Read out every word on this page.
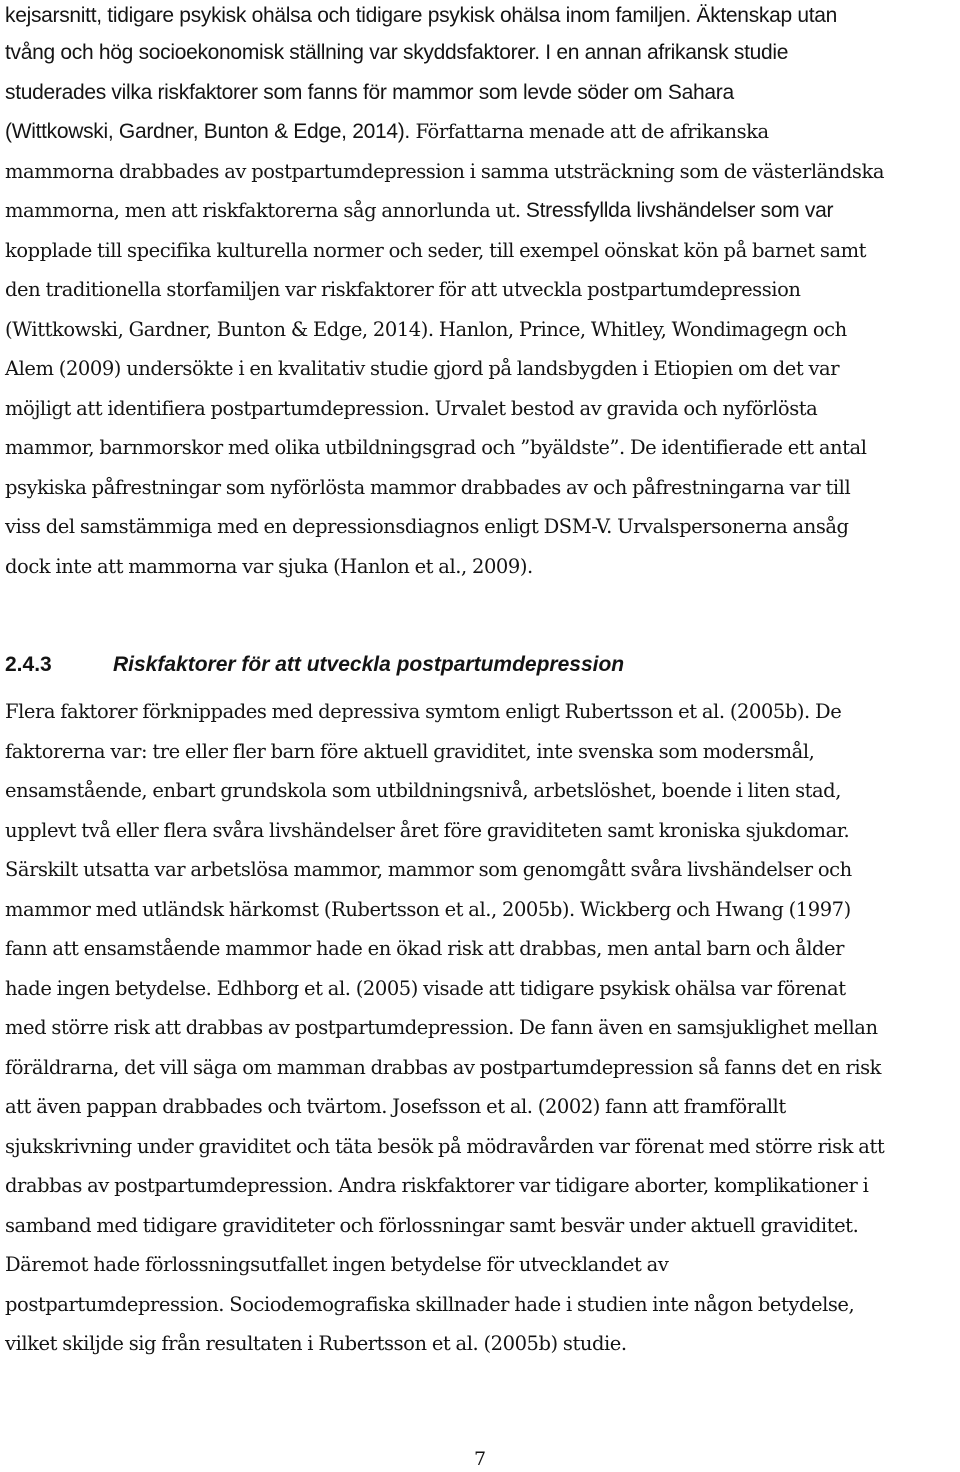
kejsarsnitt, tidigare psykisk ohälsa och tidigare psykisk ohälsa inom familjen. Äktenskap utan
tvång och hög socioekonomisk ställning var skyddsfaktorer. I en annan afrikansk studie
studerades vilka riskfaktorer som fanns för mammor som levde söder om Sahara
(Wittkowski, Gardner, Bunton & Edge, 2014). Författarna menade att de afrikanska
mammorna drabbades av postpartumdepression i samma utsträckning som de västerländska
mammorna, men att riskfaktorerna såg annorlunda ut. Stressfyllda livshändelser som var
kopplade till specifika kulturella normer och seder, till exempel oönskat kön på barnet samt
den traditionella storfamiljen var riskfaktorer för att utveckla postpartumdepression
(Wittkowski, Gardner, Bunton & Edge, 2014). Hanlon, Prince, Whitley, Wondimagegn och
Alem (2009) undersökte i en kvalitativ studie gjord på landsbygden i Etiopien om det var
möjligt att identifiera postpartumdepression. Urvalet bestod av gravida och nyförlösta
mammor, barnmorskor med olika utbildningsgrad och ”byäldste”. De identifierade ett antal
psykiska påfrestningar som nyförlösta mammor drabbades av och påfrestningarna var till
viss del samstämmiga med en depressionsdiagnos enligt DSM-V. Urvalspersonerna ansåg
dock inte att mammorna var sjuka (Hanlon et al., 2009).
2.4.3	Riskfaktorer för att utveckla postpartumdepression
Flera faktorer förknippades med depressiva symtom enligt Rubertsson et al. (2005b). De
faktorerna var: tre eller fler barn före aktuell graviditet, inte svenska som modersmål,
ensamstående, enbart grundskola som utbildningsnivå, arbetslöshet, boende i liten stad,
upplevt två eller flera svåra livshändelser året före graviditeten samt kroniska sjukdomar.
Särskilt utsatta var arbetslösa mammor, mammor som genomgått svåra livshändelser och
mammor med utländsk härkomst (Rubertsson et al., 2005b). Wickberg och Hwang (1997)
fann att ensamstående mammor hade en ökad risk att drabbas, men antal barn och ålder
hade ingen betydelse. Edhborg et al. (2005) visade att tidigare psykisk ohälsa var förenat
med större risk att drabbas av postpartumdepression. De fann även en samsjuklighet mellan
föräldrarna, det vill säga om mamman drabbas av postpartumdepression så fanns det en risk
att även pappan drabbades och tvärtom. Josefsson et al. (2002) fann att framförallt
sjukskrivning under graviditet och täta besök på mödravården var förenat med större risk att
drabbas av postpartumdepression. Andra riskfaktorer var tidigare aborter, komplikationer i
samband med tidigare graviditeter och förlossningar samt besvär under aktuell graviditet.
Däremot hade förlossningsutfallet ingen betydelse för utvecklandet av
postpartumdepression. Sociodemografiska skillnader hade i studien inte någon betydelse,
vilket skiljde sig från resultaten i Rubertsson et al. (2005b) studie.
7
